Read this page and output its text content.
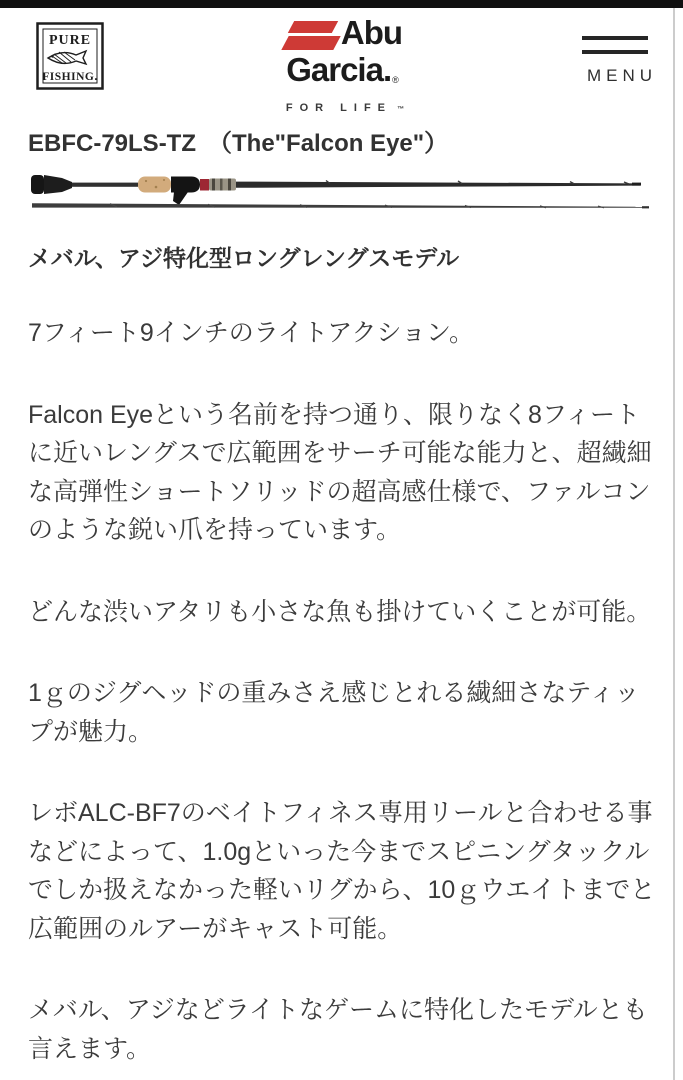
PURE
FISHING.
Abu
Garcia.®
FOR LIFE ™
MENU
EBFC-79LS-TZ　（The"Falcon Eye"）
メバル、アジ特化型ロングレングスモデル

7フィート9インチのライトアクション。

Falcon Eyeという名前を持つ通り、限りなく8フィートに近いレングスで広範囲をサーチ可能な能力と、超繊細な高弾性ショートソリッドの超高感仕様で、ファルコンのような鋭い爪を持っています。

どんな渋いアタリも小さな魚も掛けていくことが可能。

1ｇのジグヘッドの重みさえ感じとれる繊細さなティップが魅力。

レボALC-BF7のベイトフィネス専用リールと合わせる事などによって、1.0gといった今までスピニングタックルでしか扱えなかった軽いリグから、10ｇウエイトまでと広範囲のルアーがキャスト可能。

メバル、アジなどライトなゲームに特化したモデルとも言えます。
